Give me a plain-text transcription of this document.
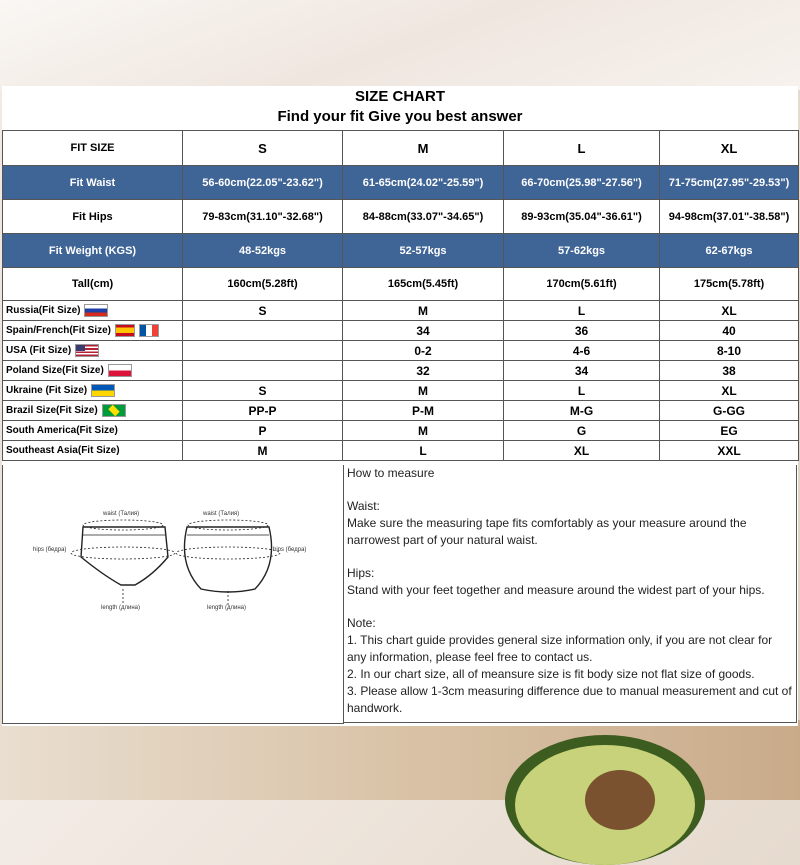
SIZE CHART
Find your fit Give you best answer
FIT SIZE	S	M	L	XL
Fit Waist	56-60cm(22.05"-23.62")	61-65cm(24.02"-25.59")	66-70cm(25.98"-27.56")	71-75cm(27.95"-29.53")
Fit Hips	79-83cm(31.10"-32.68")	84-88cm(33.07"-34.65")	89-93cm(35.04"-36.61")	94-98cm(37.01"-38.58")
Fit Weight (KGS)	48-52kgs	52-57kgs	57-62kgs	62-67kgs
Tall(cm)	160cm(5.28ft)	165cm(5.45ft)	170cm(5.61ft)	175cm(5.78ft)
Russia(Fit Size)	S	M	L	XL
Spain/French(Fit Size)		34	36	40
USA (Fit Size)		0-2	4-6	8-10
Poland Size(Fit Size)		32	34	38
Ukraine (Fit Size)	S	M	L	XL
Brazil Size(Fit Size)	PP-P	P-M	M-G	G-GG
South America(Fit Size)	P	M	G	EG
Southeast Asia(Fit Size)	M	L	XL	XXL
waist (Талия)
hips (бедра)
length (длина)
waist (Талия)
hips (бедра)
length (длина)

How to measure

Waist:

Make sure the measuring tape fits comfortably as your measure around the narrowest part of your natural waist.

Hips:

Stand with your feet together and measure around the widest part of your hips.

Note:

1. This chart guide provides general size information only, if you are not clear for any information, please feel free to contact us.

2. In our chart size, all of meansure size is fit body size not flat size of goods.

3. Please allow 1-3cm measuring difference due to manual measurement and cut of handwork.
